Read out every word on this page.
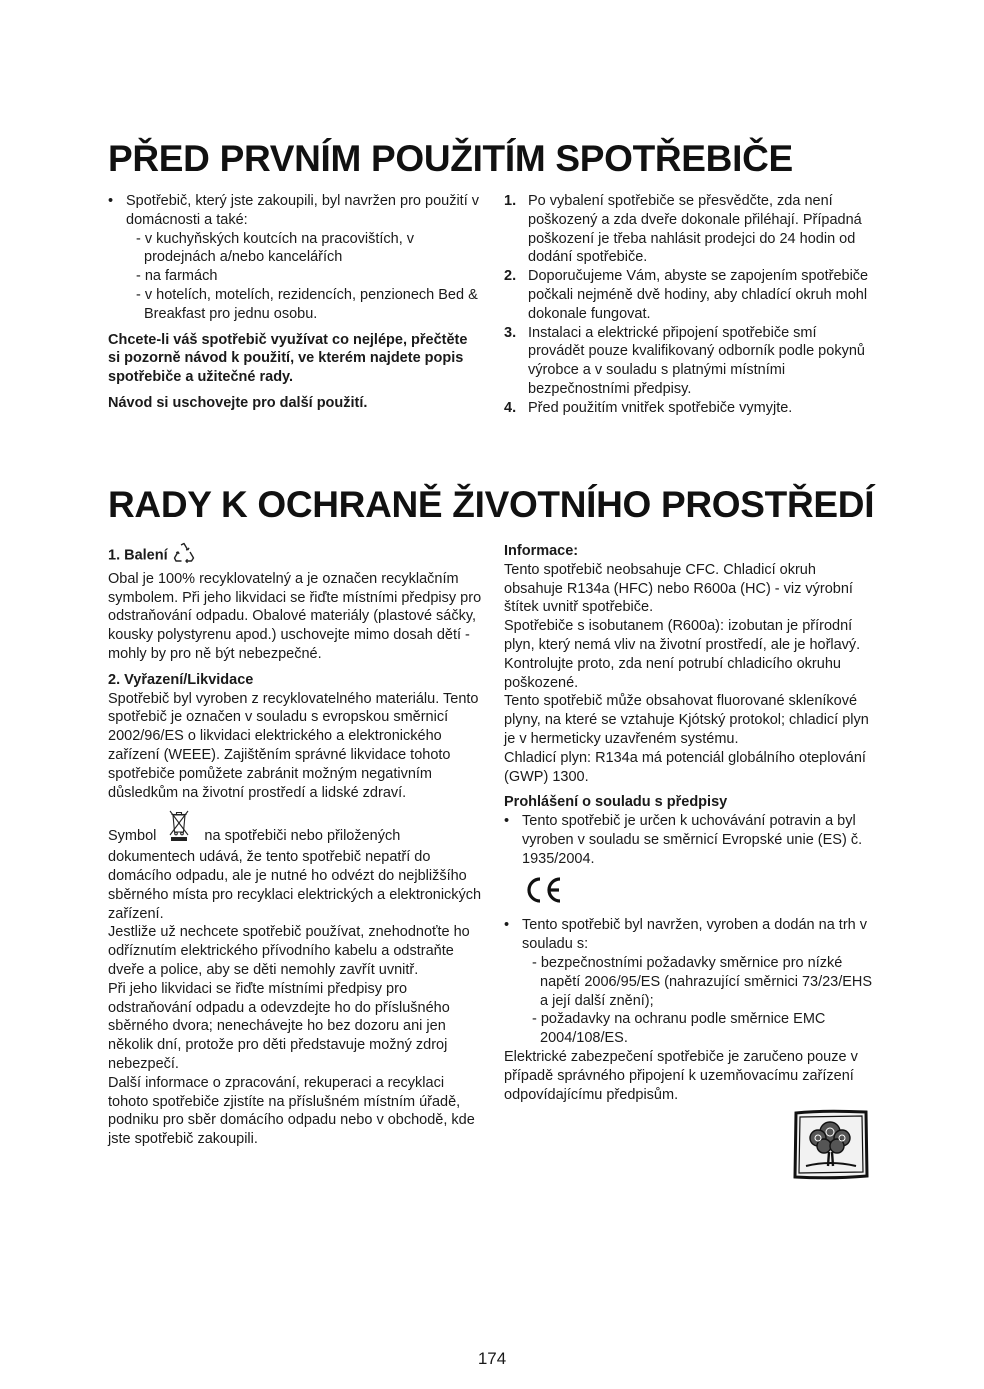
PŘED PRVNÍM POUŽITÍM SPOTŘEBIČE
• Spotřebič, který jste zakoupili, byl navržen pro použití v domácnosti a také:

- v kuchyňských koutcích na pracovištích, v prodejnách a/nebo kancelářích

- na farmách

- v hotelích, motelích, rezidencích, penzionech Bed & Breakfast pro jednu osobu.

Chcete-li váš spotřebič využívat co nejlépe, přečtěte si pozorně návod k použití, ve kterém najdete popis spotřebiče a užitečné rady.

Návod si uschovejte pro další použití.

1. Po vybalení spotřebiče se přesvědčte, zda není poškozený a zda dveře dokonale přiléhají. Případná poškození je třeba nahlásit prodejci do 24 hodin od dodání spotřebiče.

2. Doporučujeme Vám, abyste se zapojením spotřebiče počkali nejméně dvě hodiny, aby chladící okruh mohl dokonale fungovat.

3. Instalaci a elektrické připojení spotřebiče smí provádět pouze kvalifikovaný odborník podle pokynů výrobce a v souladu s platnými místními bezpečnostními předpisy.

4. Před použitím vnitřek spotřebiče vymyjte.

RADY K OCHRANĚ ŽIVOTNÍHO PROSTŘEDÍ

1. Balení

Obal je 100% recyklovatelný a je označen recyklačním symbolem. Při jeho likvidaci se řiďte místními předpisy pro odstraňování odpadu. Obalové materiály (plastové sáčky, kousky polystyrenu apod.) uschovejte mimo dosah dětí - mohly by pro ně být nebezpečné.

2. Vyřazení/Likvidace

Spotřebič byl vyroben z recyklovatelného materiálu. Tento spotřebič je označen v souladu s evropskou směrnicí 2002/96/ES o likvidaci elektrického a elektronického zařízení (WEEE). Zajištěním správné likvidace tohoto spotřebiče pomůžete zabránit možným negativním důsledkům na životní prostředí a lidské zdraví.

Symbol	na spotřebiči nebo přiložených

dokumentech udává, že tento spotřebič nepatří do domácího odpadu, ale je nutné ho odvézt do nejbližšího sběrného místa pro recyklaci elektrických a elektronických zařízení.

Jestliže už nechcete spotřebič používat, znehodnoťte ho odříznutím elektrického přívodního kabelu a odstraňte dveře a police, aby se děti nemohly zavřít uvnitř.

Při jeho likvidaci se řiďte místními předpisy pro odstraňování odpadu a odevzdejte ho do příslušného sběrného dvora; nenechávejte ho bez dozoru ani jen několik dní, protože pro děti představuje možný zdroj nebezpečí.

Další informace o zpracování, rekuperaci a recyklaci tohoto spotřebiče zjistíte na příslušném místním úřadě, podniku pro sběr domácího odpadu nebo v obchodě, kde jste spotřebič zakoupili.

Informace:

Tento spotřebič neobsahuje CFC. Chladicí okruh obsahuje R134a (HFC) nebo R600a (HC) - viz výrobní štítek uvnitř spotřebiče.

Spotřebiče s isobutanem (R600a): izobutan je přírodní plyn, který nemá vliv na životní prostředí, ale je hořlavý. Kontrolujte proto, zda není potrubí chladicího okruhu poškozené.

Tento spotřebič může obsahovat fluorované skleníkové plyny, na které se vztahuje Kjótský protokol; chladicí plyn je v hermeticky uzavřeném systému.

Chladicí plyn: R134a má potenciál globálního oteplování (GWP) 1300.

Prohlášení o souladu s předpisy

• Tento spotřebič je určen k uchovávání potravin a byl vyroben v souladu se směrnicí Evropské unie (ES) č. 1935/2004.

• Tento spotřebič byl navržen, vyroben a dodán na trh v souladu s:

- bezpečnostními požadavky směrnice pro nízké napětí 2006/95/ES (nahrazující směrnici 73/23/EHS a její další znění);

- požadavky na ochranu podle směrnice EMC 2004/108/ES.

Elektrické zabezpečení spotřebiče je zaručeno pouze v případě správného připojení k uzemňovacímu zařízení odpovídajícímu předpisům.

174
